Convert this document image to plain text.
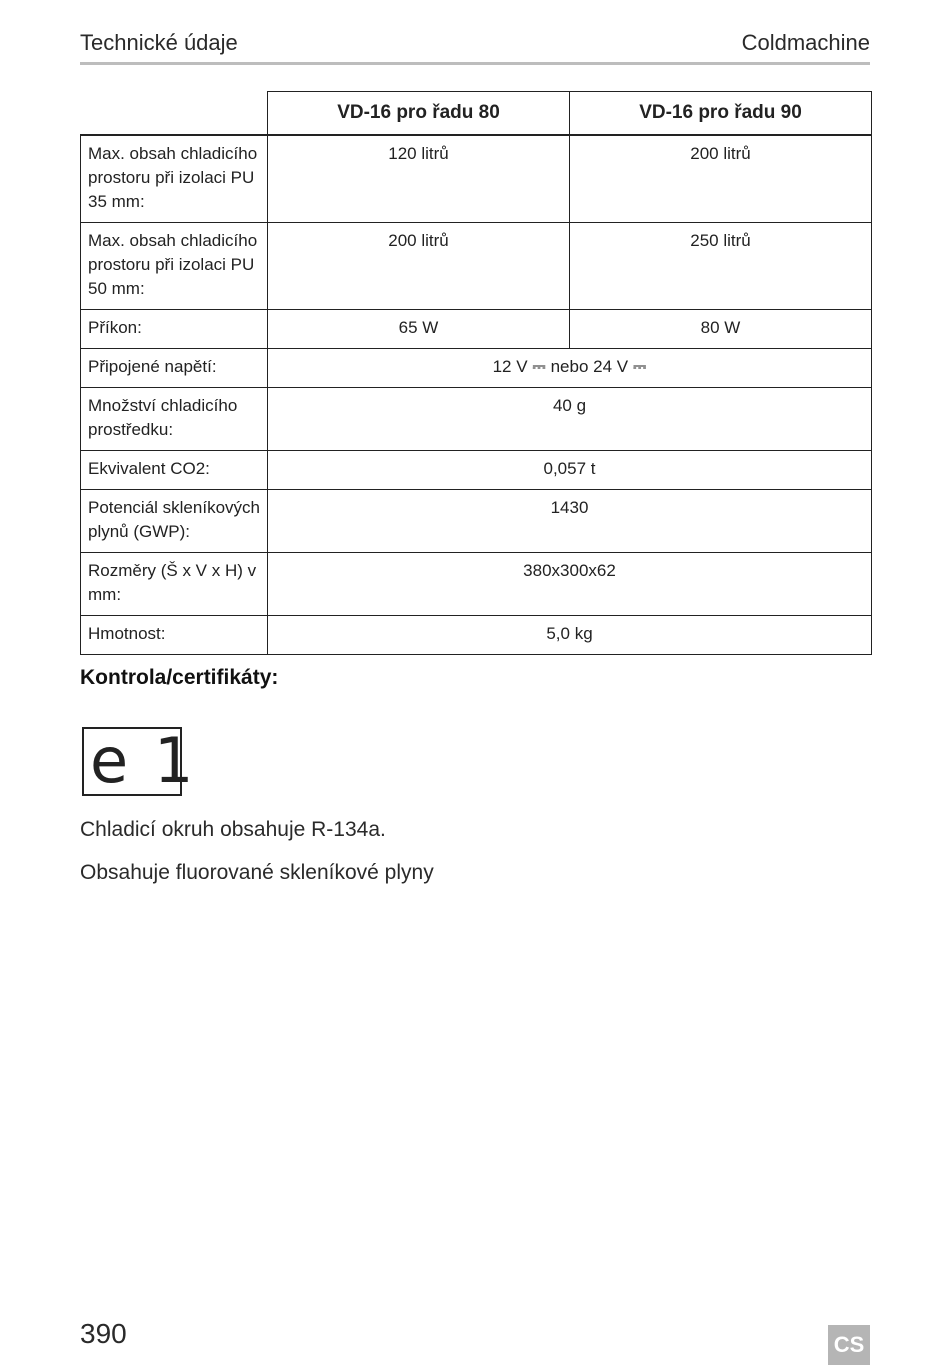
Technické údaje	Coldmachine
	VD-16 pro řadu 80	VD-16 pro řadu 90
Max. obsah chladicího prostoru při izolaci PU 35 mm:	120 litrů	200 litrů
Max. obsah chladicího prostoru při izolaci PU 50 mm:	200 litrů	250 litrů
Příkon:	65 W	80 W
Připojené napětí:	12 V ⎓ nebo 24 V ⎓	
Množství chladicího prostředku:	40 g	
Ekvivalent CO2:	0,057 t	
Potenciál skleníkových plynů (GWP):	1430	
Rozměry (Š x V x H) v mm:	380x300x62	
Hmotnost:	5,0 kg	
Kontrola/certifikáty:
e 1
Chladicí okruh obsahuje R-134a.
Obsahuje fluorované skleníkové plyny
390	CS
